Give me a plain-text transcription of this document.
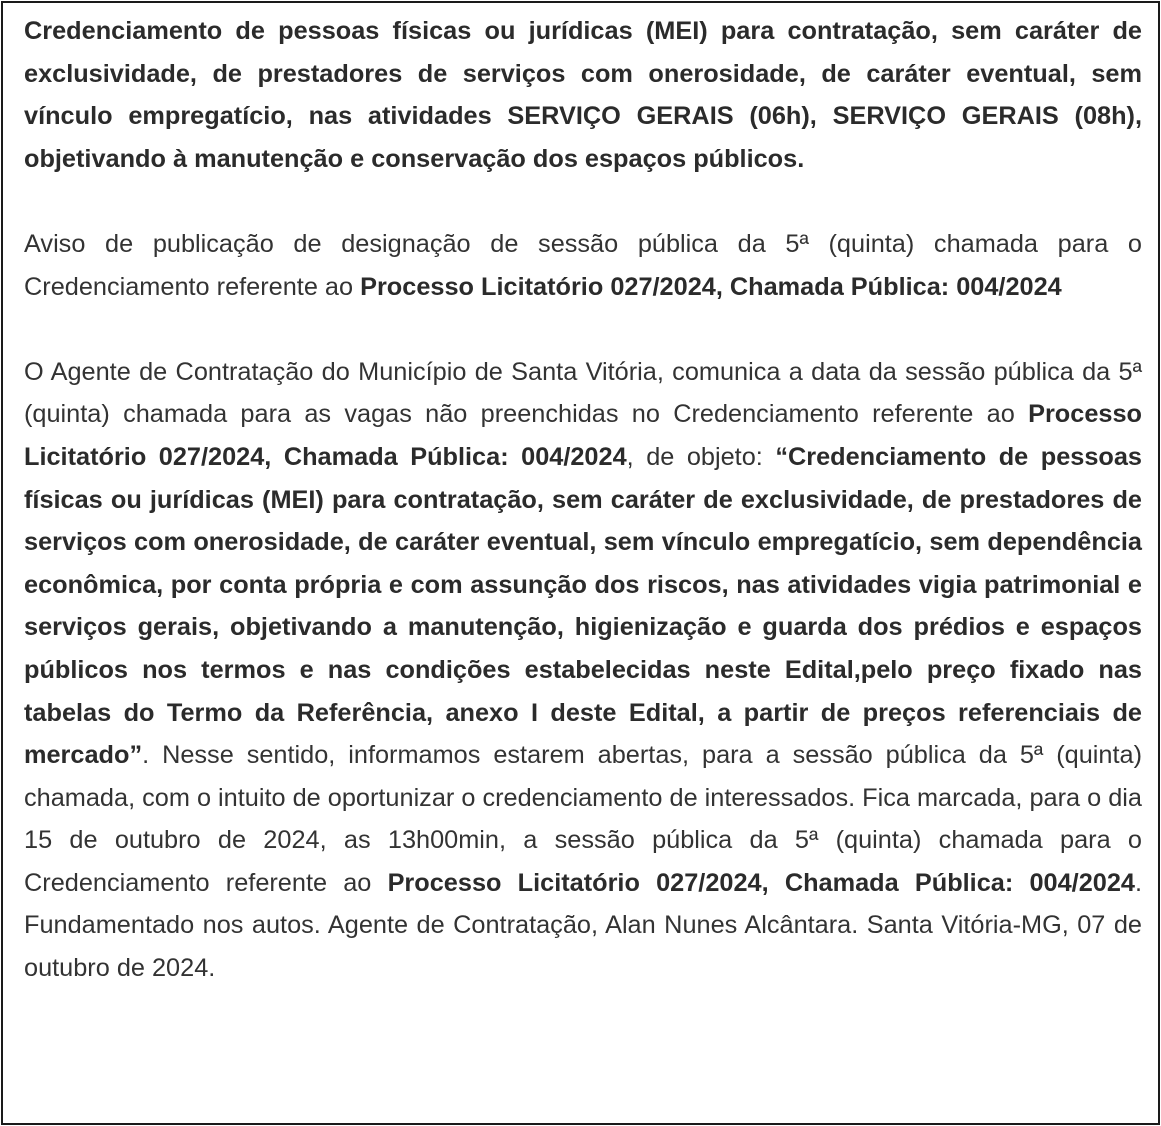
Credenciamento de pessoas físicas ou jurídicas (MEI) para contratação, sem caráter de exclusividade, de prestadores de serviços com onerosidade, de caráter eventual, sem vínculo empregatício, nas atividades SERVIÇO GERAIS (06h), SERVIÇO GERAIS (08h), objetivando à manutenção e conservação dos espaços públicos.

Aviso de publicação de designação de sessão pública da 5ª (quinta) chamada para o Credenciamento referente ao Processo Licitatório 027/2024, Chamada Pública: 004/2024

O Agente de Contratação do Município de Santa Vitória, comunica a data da sessão pública da 5ª (quinta) chamada para as vagas não preenchidas no Credenciamento referente ao Processo Licitatório 027/2024, Chamada Pública: 004/2024, de objeto: “Credenciamento de pessoas físicas ou jurídicas (MEI) para contratação, sem caráter de exclusividade, de prestadores de serviços com onerosidade, de caráter eventual, sem vínculo empregatício, sem dependência econômica, por conta própria e com assunção dos riscos, nas atividades vigia patrimonial e serviços gerais, objetivando a manutenção, higienização e guarda dos prédios e espaços públicos nos termos e nas condições estabelecidas neste Edital,pelo preço fixado nas tabelas do Termo da Referência, anexo I deste Edital, a partir de preços referenciais de mercado”. Nesse sentido, informamos estarem abertas, para a sessão pública da 5ª (quinta) chamada, com o intuito de oportunizar o credenciamento de interessados. Fica marcada, para o dia 15 de outubro de 2024, as 13h00min, a sessão pública da 5ª (quinta) chamada para o Credenciamento referente ao Processo Licitatório 027/2024, Chamada Pública: 004/2024. Fundamentado nos autos. Agente de Contratação, Alan Nunes Alcântara. Santa Vitória-MG, 07 de outubro de 2024.
